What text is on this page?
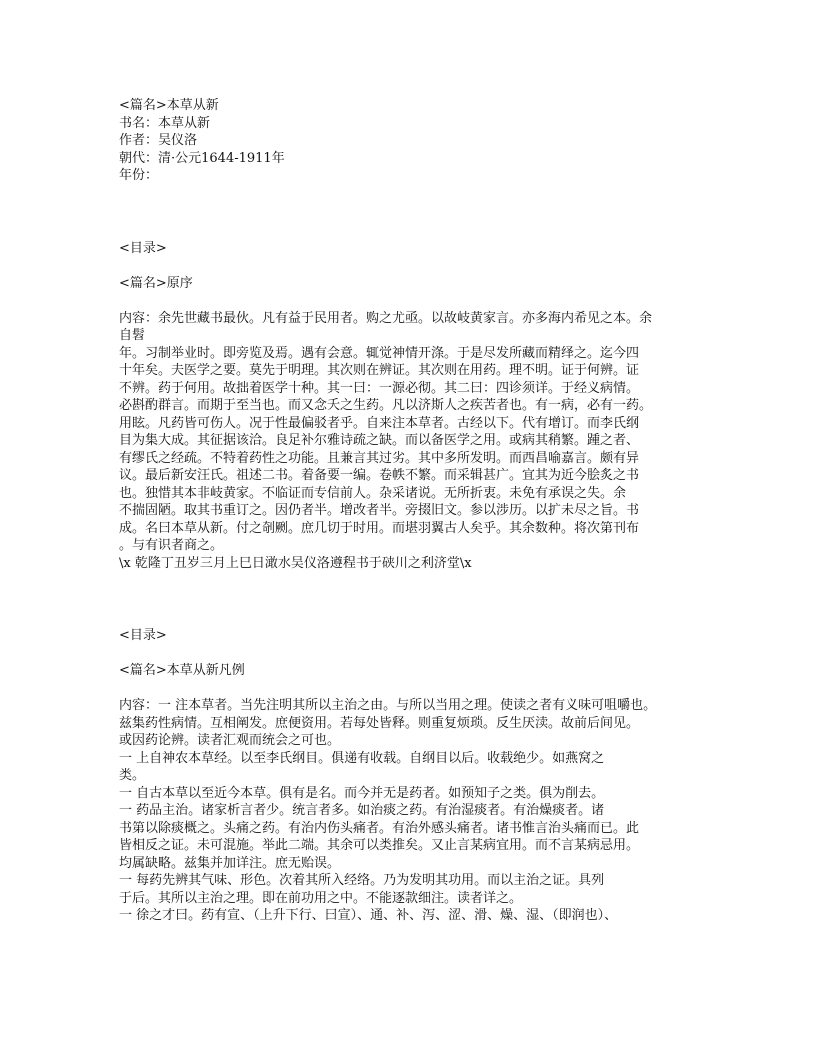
<篇名>本草从新
书名：本草从新
作者：吴仪洛
朝代：清·公元1644-1911年
年份：
<目录>
<篇名>原序
内容：余先世藏书最伙。凡有益于民用者。购之尤亟。以故岐黄家言。亦多海内希见之本。余
自髫
年。习制举业时。即旁览及焉。遇有会意。辄觉神情开涤。于是尽发所藏而精绎之。迄今四
十年矣。夫医学之要。莫先于明理。其次则在辨证。其次则在用药。理不明。证于何辨。证
不辨。药于何用。故拙着医学十种。其一曰：一源必彻。其二曰：四诊须详。于经义病情。
必斟酌群言。而期于至当也。而又念夭之生药。凡以济斯人之疾苦者也。有一病，必有一药。
用眩。凡药皆可伤人。况于性最偏驳者乎。自来注本草者。古经以下。代有增订。而李氏纲
目为集大成。其征据该洽。良足补尔雅诗疏之缺。而以备医学之用。或病其稍繁。踵之者、
有缪氏之经疏。不特着药性之功能。且兼言其过劣。其中多所发明。而西昌喻嘉言。颇有异
议。最后新安汪氏。祖述二书。着备要一编。卷帙不繁。而采辑甚广。宜其为近今脍炙之书
也。独惜其本非岐黄家。不临证而专信前人。杂采诸说。无所折衷。未免有承误之失。余
不揣固陋。取其书重订之。因仍者半。增改者半。旁掇旧文。参以涉历。以扩未尽之旨。书
成。名曰本草从新。付之剞劂。庶几切于时用。而堪羽翼古人矣乎。其余数种。将次第刊布
。与有识者商之。
\x 乾隆丁丑岁三月上巳日澉水吴仪洛遵程书于硖川之利济堂\x
<目录>
<篇名>本草从新凡例
内容：一 注本草者。当先注明其所以主治之由。与所以当用之理。使读之者有义味可咀嚼也。
兹集药性病情。互相阐发。庶便资用。若每处皆释。则重复烦琐。反生厌渎。故前后间见。
或因药论辨。读者汇观而统会之可也。
一 上自神农本草经。以至李氏纲目。俱递有收载。自纲目以后。收载绝少。如燕窝之
类。
一 自古本草以至近今本草。俱有是名。而今并无是药者。如预知子之类。俱为削去。
一 药品主治。诸家析言者少。统言者多。如治痰之药。有治湿痰者。有治燥痰者。诸
书第以除痰概之。头痛之药。有治内伤头痛者。有治外感头痛者。诸书惟言治头痛而已。此
皆相反之证。未可混施。举此二端。其余可以类推矣。又止言某病宜用。而不言某病忌用。
均属缺略。兹集并加详注。庶无贻误。
一 每药先辨其气味、形色。次着其所入经络。乃为发明其功用。而以主治之证。具列
于后。其所以主治之理。即在前功用之中。不能逐款细注。读者详之。
一 徐之才曰。药有宣、（上升下行、曰宣）、通、补、泻、涩、滑、燥、湿、（即润也）、
